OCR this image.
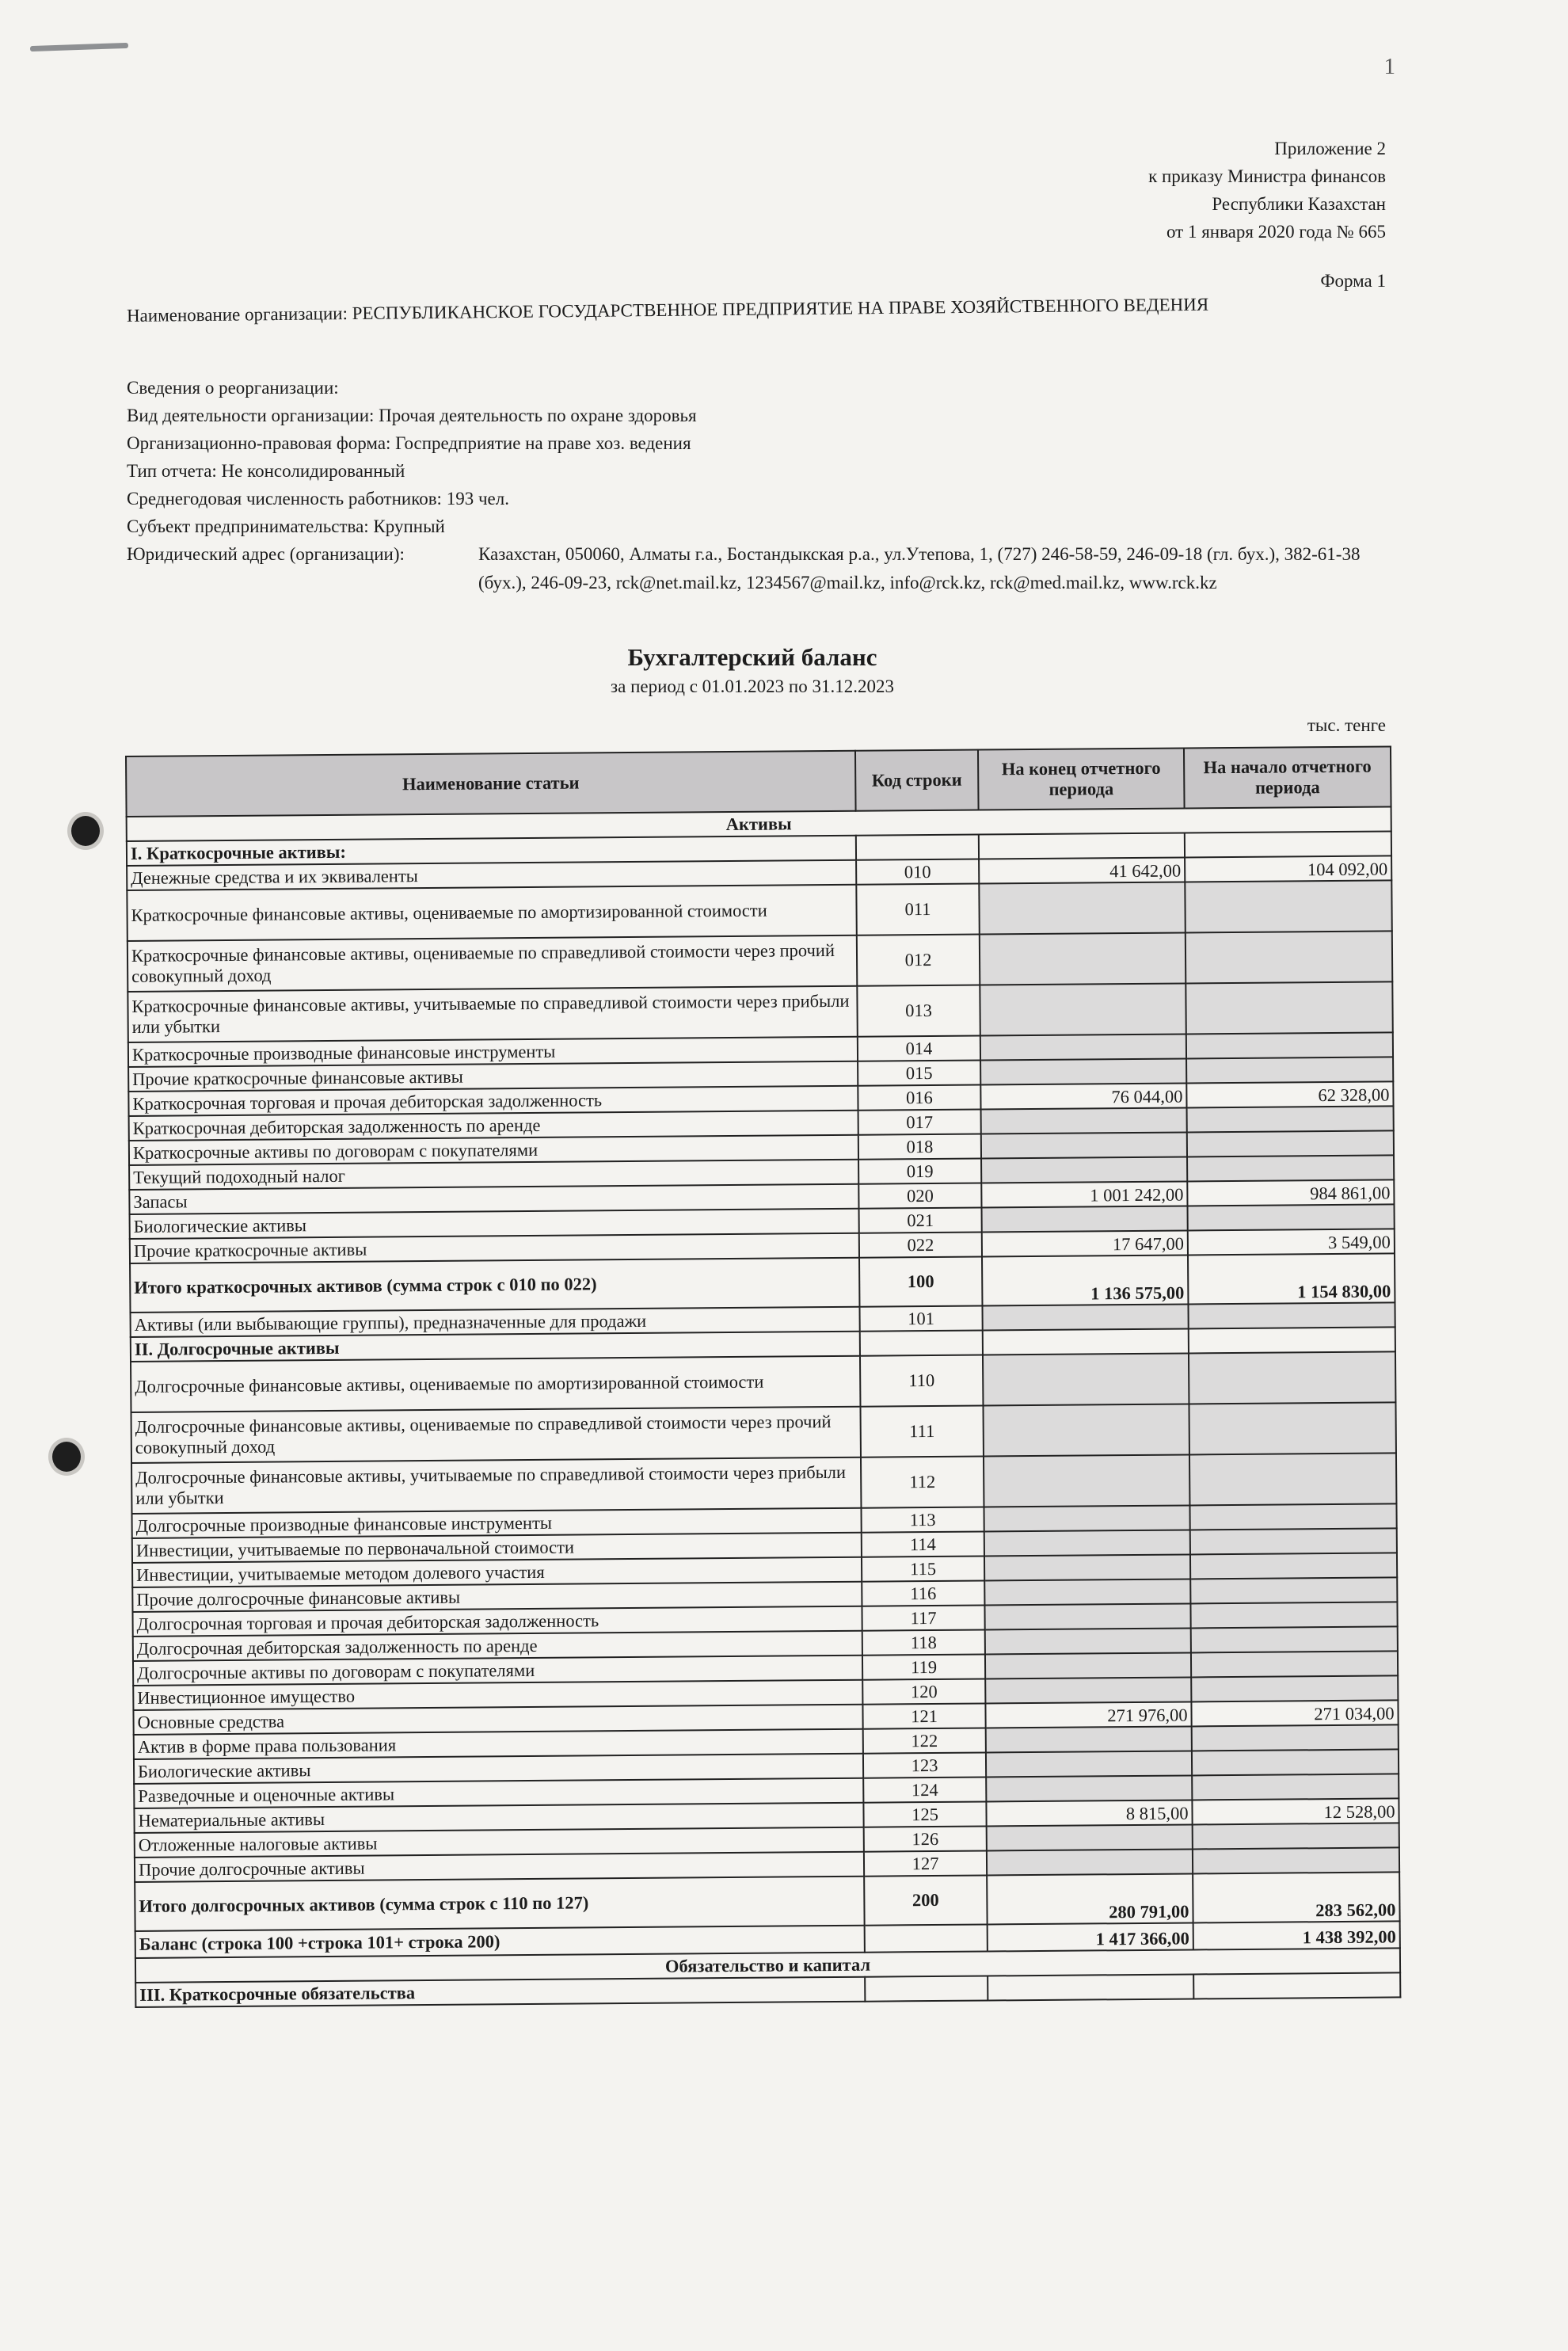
1
Приложение 2
к приказу Министра финансов
Республики Казахстан
от 1 января 2020 года № 665
Форма 1
Наименование организации: РЕСПУБЛИКАНСКОЕ ГОСУДАРСТВЕННОЕ ПРЕДПРИЯТИЕ НА ПРАВЕ ХОЗЯЙСТВЕННОГО ВЕДЕНИЯ
Сведения о реорганизации:
Вид деятельности организации: Прочая деятельность по охране здоровья
Организационно-правовая форма: Госпредприятие на праве хоз. ведения
Тип отчета: Не консолидированный
Среднегодовая численность работников: 193 чел.
Субъект предпринимательства: Крупный
Юридический адрес (организации):	Казахстан, 050060, Алматы г.а., Бостандыкская р.а., ул.Утепова, 1, (727) 246-58-59, 246-09-18 (гл. бух.), 382-61-38 (бух.), 246-09-23, rck@net.mail.kz, 1234567@mail.kz, info@rck.kz, rck@med.mail.kz, www.rck.kz
Бухгалтерский баланс
за период с 01.01.2023 по 31.12.2023
тыс. тенге
Наименование статьи	Код строки	На конец отчетного периода	На начало отчетного периода
Активы			
I. Краткосрочные активы:			
Денежные средства и их эквиваленты	010	41 642,00	104 092,00
Краткосрочные финансовые активы, оцениваемые по амортизированной стоимости	011		
Краткосрочные финансовые активы, оцениваемые по справедливой стоимости через прочий совокупный доход	012		
Краткосрочные финансовые активы, учитываемые по справедливой стоимости через прибыли или убытки	013		
Краткосрочные производные финансовые инструменты	014		
Прочие краткосрочные финансовые активы	015		
Краткосрочная торговая и прочая дебиторская задолженность	016	76 044,00	62 328,00
Краткосрочная дебиторская задолженность по аренде	017		
Краткосрочные активы по договорам с покупателями	018		
Текущий подоходный налог	019		
Запасы	020	1 001 242,00	984 861,00
Биологические активы	021		
Прочие краткосрочные активы	022	17 647,00	3 549,00
Итого краткосрочных активов (сумма строк с 010 по 022)	100	1 136 575,00	1 154 830,00
Активы (или выбывающие группы), предназначенные для продажи	101		
II. Долгосрочные активы			
Долгосрочные финансовые активы, оцениваемые по амортизированной стоимости	110		
Долгосрочные финансовые активы, оцениваемые по справедливой стоимости через прочий совокупный доход	111		
Долгосрочные финансовые активы, учитываемые по справедливой стоимости через прибыли или убытки	112		
Долгосрочные производные финансовые инструменты	113		
Инвестиции, учитываемые по первоначальной стоимости	114		
Инвестиции, учитываемые методом долевого участия	115		
Прочие долгосрочные финансовые активы	116		
Долгосрочная торговая и прочая дебиторская задолженность	117		
Долгосрочная дебиторская задолженность по аренде	118		
Долгосрочные активы по договорам с покупателями	119		
Инвестиционное имущество	120		
Основные средства	121	271 976,00	271 034,00
Актив в форме права пользования	122		
Биологические активы	123		
Разведочные и оценочные активы	124		
Нематериальные активы	125	8 815,00	12 528,00
Отложенные налоговые активы	126		
Прочие долгосрочные активы	127		
Итого долгосрочных активов (сумма строк с 110 по 127)	200	280 791,00	283 562,00
Баланс (строка 100 +строка 101+ строка 200)		1 417 366,00	1 438 392,00
Обязательство и капитал			
III. Краткосрочные обязательства			
